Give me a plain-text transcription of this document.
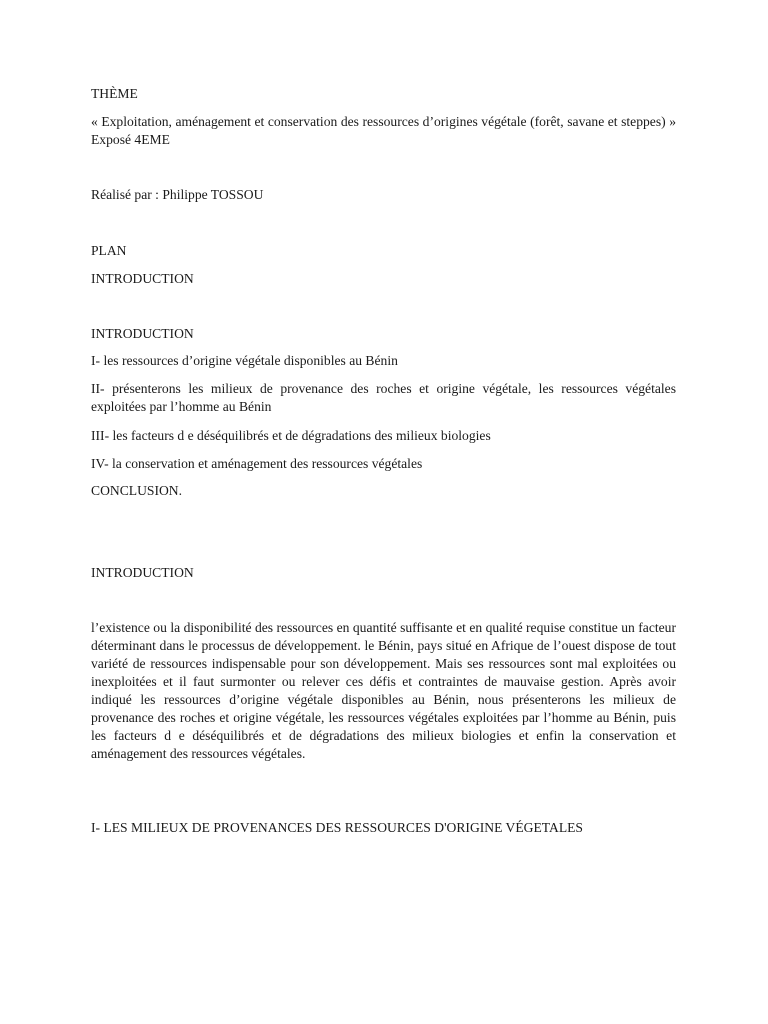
THÈME

« Exploitation, aménagement et conservation des ressources d’origines végétale (forêt, savane et steppes) » Exposé 4EME

Réalisé par : Philippe TOSSOU

PLAN

INTRODUCTION

INTRODUCTION

I- les ressources d’origine végétale disponibles au Bénin

II- présenterons les milieux de provenance des roches et origine végétale, les ressources végétales exploitées par l’homme au Bénin

III- les facteurs d e déséquilibrés et de dégradations des milieux biologies

IV- la conservation et aménagement des ressources végétales

CONCLUSION.

INTRODUCTION

l’existence ou la disponibilité des ressources en quantité suffisante et en qualité requise constitue un facteur déterminant dans le processus de développement. le Bénin, pays situé en Afrique de l’ouest dispose de tout variété de ressources indispensable pour son développement. Mais ses ressources sont mal exploitées ou inexploitées et il faut surmonter ou relever ces défis et contraintes de mauvaise gestion. Après avoir indiqué les ressources d’origine végétale disponibles au Bénin, nous présenterons les milieux de provenance des roches et origine végétale, les ressources végétales exploitées par l’homme au Bénin, puis les facteurs d e déséquilibrés et de dégradations des milieux biologies et enfin la conservation et aménagement des ressources végétales.

I- LES MILIEUX DE PROVENANCES DES RESSOURCES D'ORIGINE VÉGETALES
